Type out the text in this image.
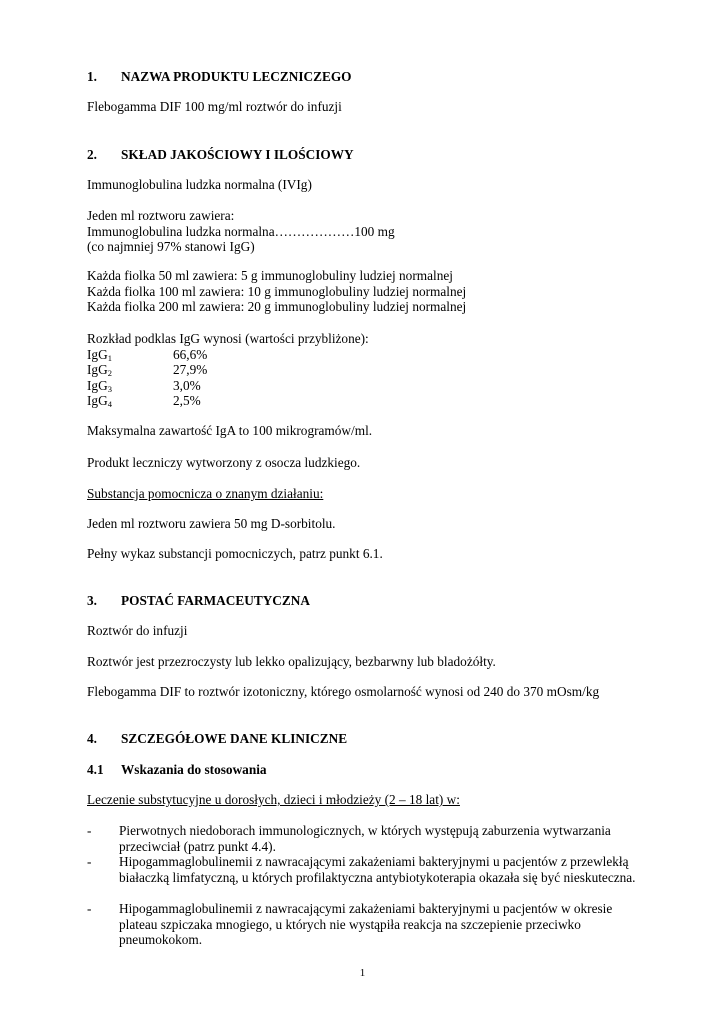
1. NAZWA PRODUKTU LECZNICZEGO
Flebogamma DIF 100 mg/ml roztwór do infuzji
2. SKŁAD JAKOŚCIOWY I ILOŚCIOWY
Immunoglobulina ludzka normalna (IVIg)
Jeden ml roztworu zawiera:
Immunoglobulina ludzka normalna………………100 mg
(co najmniej 97% stanowi IgG)
Każda fiolka 50 ml zawiera: 5 g immunoglobuliny ludziej normalnej
Każda fiolka 100 ml zawiera: 10 g immunoglobuliny ludziej normalnej
Każda fiolka 200 ml zawiera: 20 g immunoglobuliny ludziej normalnej
Rozkład podklas IgG wynosi (wartości przybliżone):
IgG$_1$	66,6%
IgG$_2$	27,9%
IgG$_3$	3,0%
IgG$_4$	2,5%
Maksymalna zawartość IgA to 100 mikrogramów/ml.
Produkt leczniczy wytworzony z osocza ludzkiego.
Substancja pomocnicza o znanym działaniu:
Jeden ml roztworu zawiera 50 mg D-sorbitolu.
Pełny wykaz substancji pomocniczych, patrz punkt 6.1.
3. POSTAĆ FARMACEUTYCZNA
Roztwór do infuzji
Roztwór jest przezroczysty lub lekko opalizujący, bezbarwny lub bladożółty.
Flebogamma DIF to roztwór izotoniczny, którego osmolarność wynosi od 240 do 370 mOsm/kg
4. SZCZEGÓŁOWE DANE KLINICZNE
4.1 Wskazania do stosowania
Leczenie substytucyjne u dorosłych, dzieci i młodzieży (2 – 18 lat) w:
-	Pierwotnych niedoborach immunologicznych, w których występują zaburzenia wytwarzania przeciwciał (patrz punkt 4.4).
-	Hipogammaglobulinemii z nawracającymi zakażeniami bakteryjnymi u pacjentów z przewlekłą białaczką limfatyczną, u których profilaktyczna antybiotykoterapia okazała się być nieskuteczna.
-	Hipogammaglobulinemii z nawracającymi zakażeniami bakteryjnymi u pacjentów w okresie plateau szpiczaka mnogiego, u których nie wystąpiła reakcja na szczepienie przeciwko pneumokokom.
1
